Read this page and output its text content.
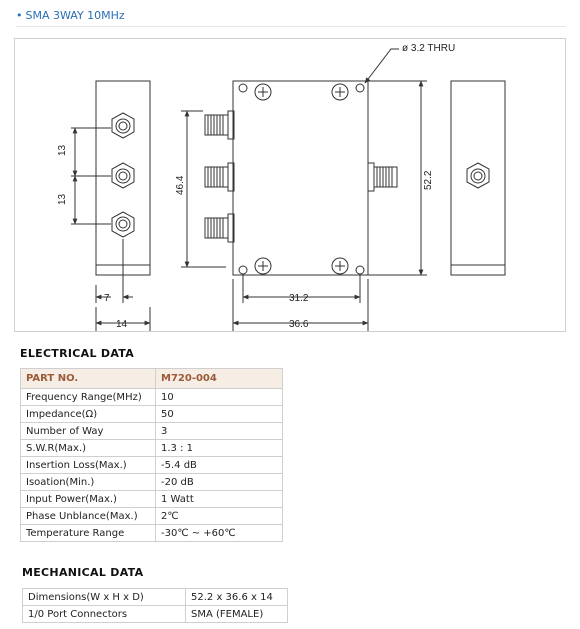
• SMA 3WAY 10MHz
ø 3.2 THRU
13
13
7
14
46.4	52.2
31.2
36.6
ELECTRICAL DATA
PART NO.	M720-004
Frequency Range(MHz)	10
Impedance(Ω)	50
Number of Way	3
S.W.R(Max.)	1.3 : 1
Insertion Loss(Max.)	-5.4 dB
Isoation(Min.)	-20 dB
Input Power(Max.)	1 Watt
Phase Unblance(Max.)	2℃
Temperature Range	-30℃ ~ +60℃
MECHANICAL DATA
Dimensions(W x H x D)	52.2 x 36.6 x 14
1/0 Port Connectors	SMA (FEMALE)
